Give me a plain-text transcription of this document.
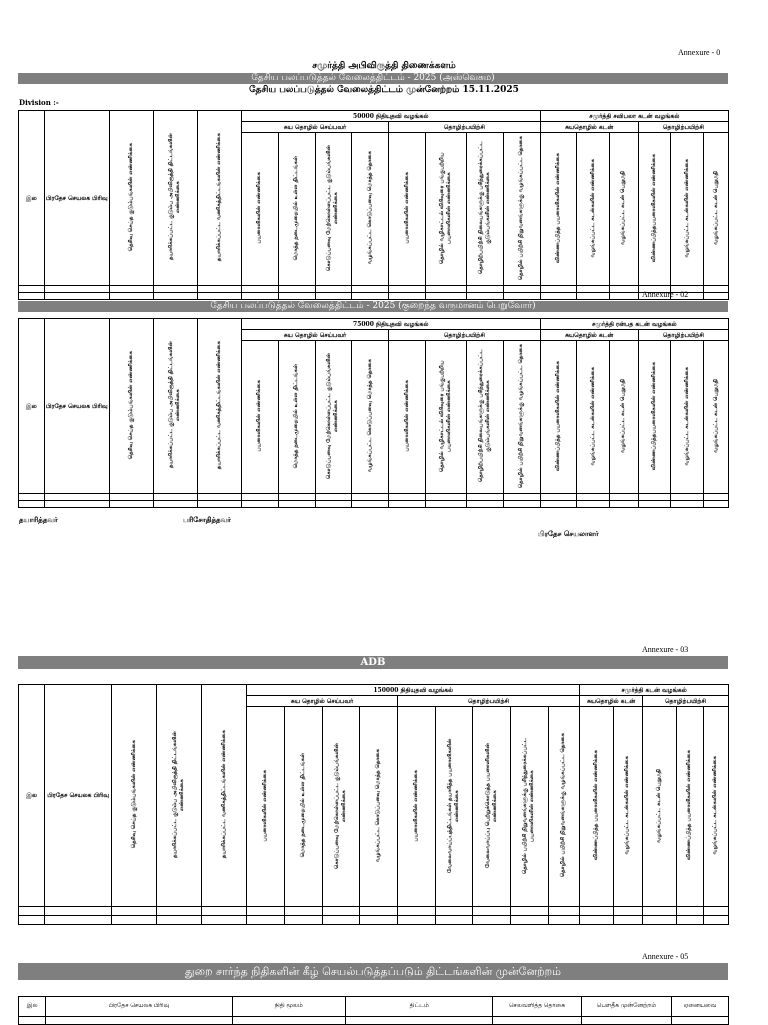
Annexure - 0
சமுர்த்தி அபிவிருத்தி திணைக்களம்
தேசிய பலப்படுத்தல் வேலைத்திட்டம் - 2025 (அஸ்வெசும)
தேசிய பலப்படுத்தல் வேலைத்திட்டம் முன்னேற்றம் 15.11.2025
Division :-
இல	பிரதேச செயலக பிரிவு	தெரிவு செய்த குடும்பங்களின் எண்ணிக்கை	தயாரிக்கப்பட்ட குடும்ப அபிவிருத்தி திட்டங்களின் எண்ணிக்கை	தயாரிக்கப்பட்ட வணிகத்திட்டங்களின் எண்ணிக்கை	50000 நிதியுதவி வழங்கல்								சமுர்த்தி சவிபலா கடன் வழங்கல்					
					சுய தொழில் செய்பவர்				தொழிற்பயிற்சி				சுயதொழில் கடன்			தொழிற்பயிற்சி		
					பயனாளிகளின் எண்ணிக்கை	மொத்த நடைமுறையில் உள்ள திட்டங்கள்	கொடுப்பனவு மேற்கொள்ளப்பட்ட குடும்பங்களின் எண்ணிக்கை	வழங்கப்பட்ட கொடுப்பனவு மொத்த தொகை	பயனாளிகளின் எண்ணிக்கை	தொழில் வழிகாட்டல் விரிவுரை பங்குபற்றிய பயனாளிகளின் எண்ணிக்கை	தொழிற்பயிற்சி நிலையங்களுக்கு பரிந்துரைக்கப்பட்ட குடும்பங்களின் எண்ணிக்கை	தொழில் பயிற்சி நிறுவனங்களுக்கு வழங்கப்பட்ட தொகை	விண்ணப்பித்த பயனாளிகளின் எண்ணிக்கை	வழங்கப்பட்ட கடன்களின் எண்ணிக்கை	வழங்கப்பட்ட கடன் பெறுமதி	விண்ணப்பித்தபயனாளிகளின் எண்ணிக்கை	வழங்கப்பட்ட கடன்களின் எண்ணிக்கை	வழங்கப்பட்ட கடன் பெறுமதி

Annexure - 02
தேசிய பலப்படுத்தல் வேலைத்திட்டம் - 2025 (குறைந்த வருமானம் பெறுவோர்)
இல	பிரதேச செயலக பிரிவு	தெரிவு செய்த குடும்பங்களின் எண்ணிக்கை	தயாரிக்கப்பட்ட குடும்ப அபிவிருத்தி திட்டங்களின் எண்ணிக்கை	தயாரிக்கப்பட்ட வணிகத்திட்டங்களின் எண்ணிக்கை	75000 நிதியுதவி வழங்கல்								சமுர்த்தி ரன்பத கடன் வழங்கல்					
					சுய தொழில் செய்பவர்				தொழிற்பயிற்சி				சுயதொழில் கடன்			தொழிற்பயிற்சி		
					பயனாளிகளின் எண்ணிக்கை	மொத்த நடைமுறையில் உள்ள திட்டங்கள்	கொடுப்பனவு மேற்கொள்ளப்பட்ட குடும்பங்களின் எண்ணிக்கை	வழங்கப்பட்ட கொடுப்பனவு மொத்த தொகை	பயனாளிகளின் எண்ணிக்கை	தொழில் வழிகாட்டல் விரிவுரை பங்குபற்றிய பயனாளிகளின் எண்ணிக்கை	தொழிற்பயிற்சி நிலையங்களுக்கு பரிந்துரைக்கப்பட்ட குடும்பங்களின் எண்ணிக்கை	தொழில் பயிற்சி நிறுவனங்களுக்கு வழங்கப்பட்ட தொகை	விண்ணப்பித்த பயனாளிகளின் எண்ணிக்கை	வழங்கப்பட்ட கடன்களின் எண்ணிக்கை	வழங்கப்பட்ட கடன் பெறுமதி	விண்ணப்பித்தபயனாளிகளின் எண்ணிக்கை	வழங்கப்பட்ட கடன்களின் எண்ணிக்கை	வழங்கப்பட்ட கடன் பெறுமதி

தயாரித்தவர்	பரிசோதித்தவர்
பிரதேச செயலாளர்
Annexure - 03
ADB
இல	பிரதேச செயலக பிரிவு	தெரிவு செய்த குடும்பங்களின் எண்ணிக்கை	தயாரிக்கப்பட்ட குடும்ப அபிவிருத்தி திட்டங்களின் எண்ணிக்கை	தயாரிக்கப்பட்ட வணிகத்திட்டங்களின் எண்ணிக்கை	150000 நிதியுதவி வழங்கல்									சமுர்த்தி கடன் வழங்கல்				
					சுய தொழில் செய்பவர்				தொழிற்பயிற்சி					சுயதொழில் கடன்		தொழிற்பயிற்சி		
					பயனாளிகளின் எண்ணிக்கை	மொத்த நடைமுறையில் உள்ள திட்டங்கள்	கொடுப்பனவு மேற்கொள்ளப்பட்ட குடும்பங்களின் எண்ணிக்கை	வழங்கப்பட்ட கொடுப்பனவு மொத்த தொகை	பயனாளிகளின் எண்ணிக்கை	வேலைவாய்ப்புத்திட்டங்கள் தயாரித்த பயனாளிகளின் எண்ணிக்கை	வேலைவாய்ப்பு பெற்றுக்கொடுத்த பயனாளிகளின் எண்ணிக்கை	தொழில் பயிற்சி நிறுவனங்களுக்கு பரிந்துரைக்கப்பட்ட பயனாளிகளின் எண்ணிக்கை	தொழில் பயிற்சி நிறுவனங்களுக்கு வழங்கப்பட்ட தொகை	விண்ணப்பித்த பயனாளிகளின் எண்ணிக்கை	வழங்கப்பட்ட கடன்களின் எண்ணிக்கை	வழங்கப்பட்ட கடன் பெறுமதி	விண்ணப்பித்த பயனாளிகளின் எண்ணிக்கை	வழங்கப்பட்ட கடன்களின் எண்ணிக்கை

Annexure - 05
துறை சார்ந்த நிதிகளின் கீழ் செயல்படுத்தப்படும் திட்டங்களின் முன்னேற்றம்
இல	பிரதேச செயலக பிரிவு	நிதி மூலம்	திட்டம்	செலவளித்த தொகை	பௌதீக முன்னேற்றம்	ஏனையவை
